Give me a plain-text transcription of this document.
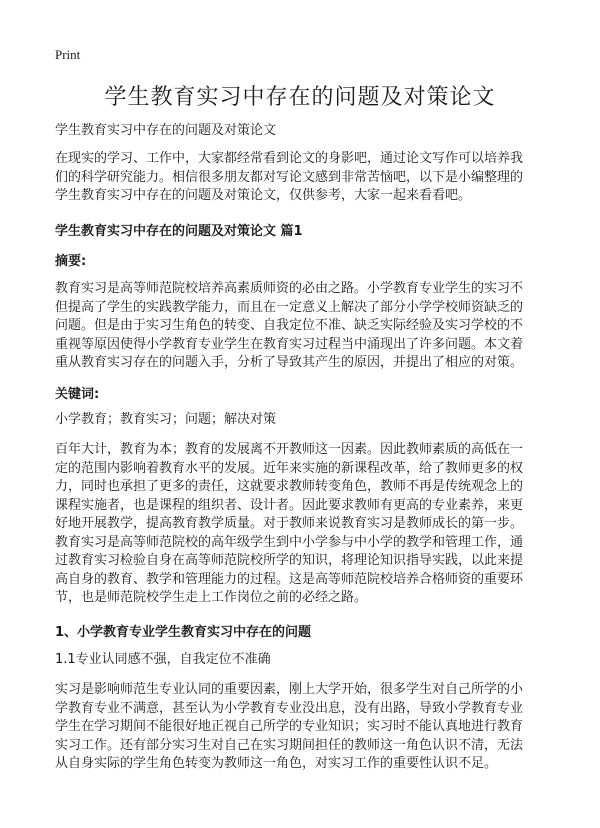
Print
学生教育实习中存在的问题及对策论文
学生教育实习中存在的问题及对策论文
在现实的学习、工作中，大家都经常看到论文的身影吧，通过论文写作可以培养我
们的科学研究能力。相信很多朋友都对写论文感到非常苦恼吧，以下是小编整理的
学生教育实习中存在的问题及对策论文，仅供参考，大家一起来看看吧。
学生教育实习中存在的问题及对策论文 篇1
摘要:
教育实习是高等师范院校培养高素质师资的必由之路。小学教育专业学生的实习不
但提高了学生的实践教学能力，而且在一定意义上解决了部分小学学校师资缺乏的
问题。但是由于实习生角色的转变、自我定位不准、缺乏实际经验及实习学校的不
重视等原因使得小学教育专业学生在教育实习过程当中涌现出了许多问题。本文着
重从教育实习存在的问题入手，分析了导致其产生的原因，并提出了相应的对策。
关键词:
小学教育；教育实习；问题；解决对策
百年大计，教育为本；教育的发展离不开教师这一因素。因此教师素质的高低在一
定的范围内影响着教育水平的发展。近年来实施的新课程改革，给了教师更多的权
力，同时也承担了更多的责任，这就要求教师转变角色，教师不再是传统观念上的
课程实施者，也是课程的组织者、设计者。因此要求教师有更高的专业素养，来更
好地开展教学，提高教育教学质量。对于教师来说教育实习是教师成长的第一步。
教育实习是高等师范院校的高年级学生到中小学参与中小学的教学和管理工作，通
过教育实习检验自身在高等师范院校所学的知识，将理论知识指导实践，以此来提
高自身的教育、教学和管理能力的过程。这是高等师范院校培养合格师资的重要环
节，也是师范院校学生走上工作岗位之前的必经之路。
1、小学教育专业学生教育实习中存在的问题
1.1专业认同感不强，自我定位不准确
实习是影响师范生专业认同的重要因素，刚上大学开始，很多学生对自己所学的小
学教育专业不满意，甚至认为小学教育专业没出息，没有出路，导致小学教育专业
学生在学习期间不能很好地正视自己所学的专业知识；实习时不能认真地进行教育
实习工作。还有部分实习生对自己在实习期间担任的教师这一角色认识不清，无法
从自身实际的学生角色转变为教师这一角色，对实习工作的重要性认识不足。
